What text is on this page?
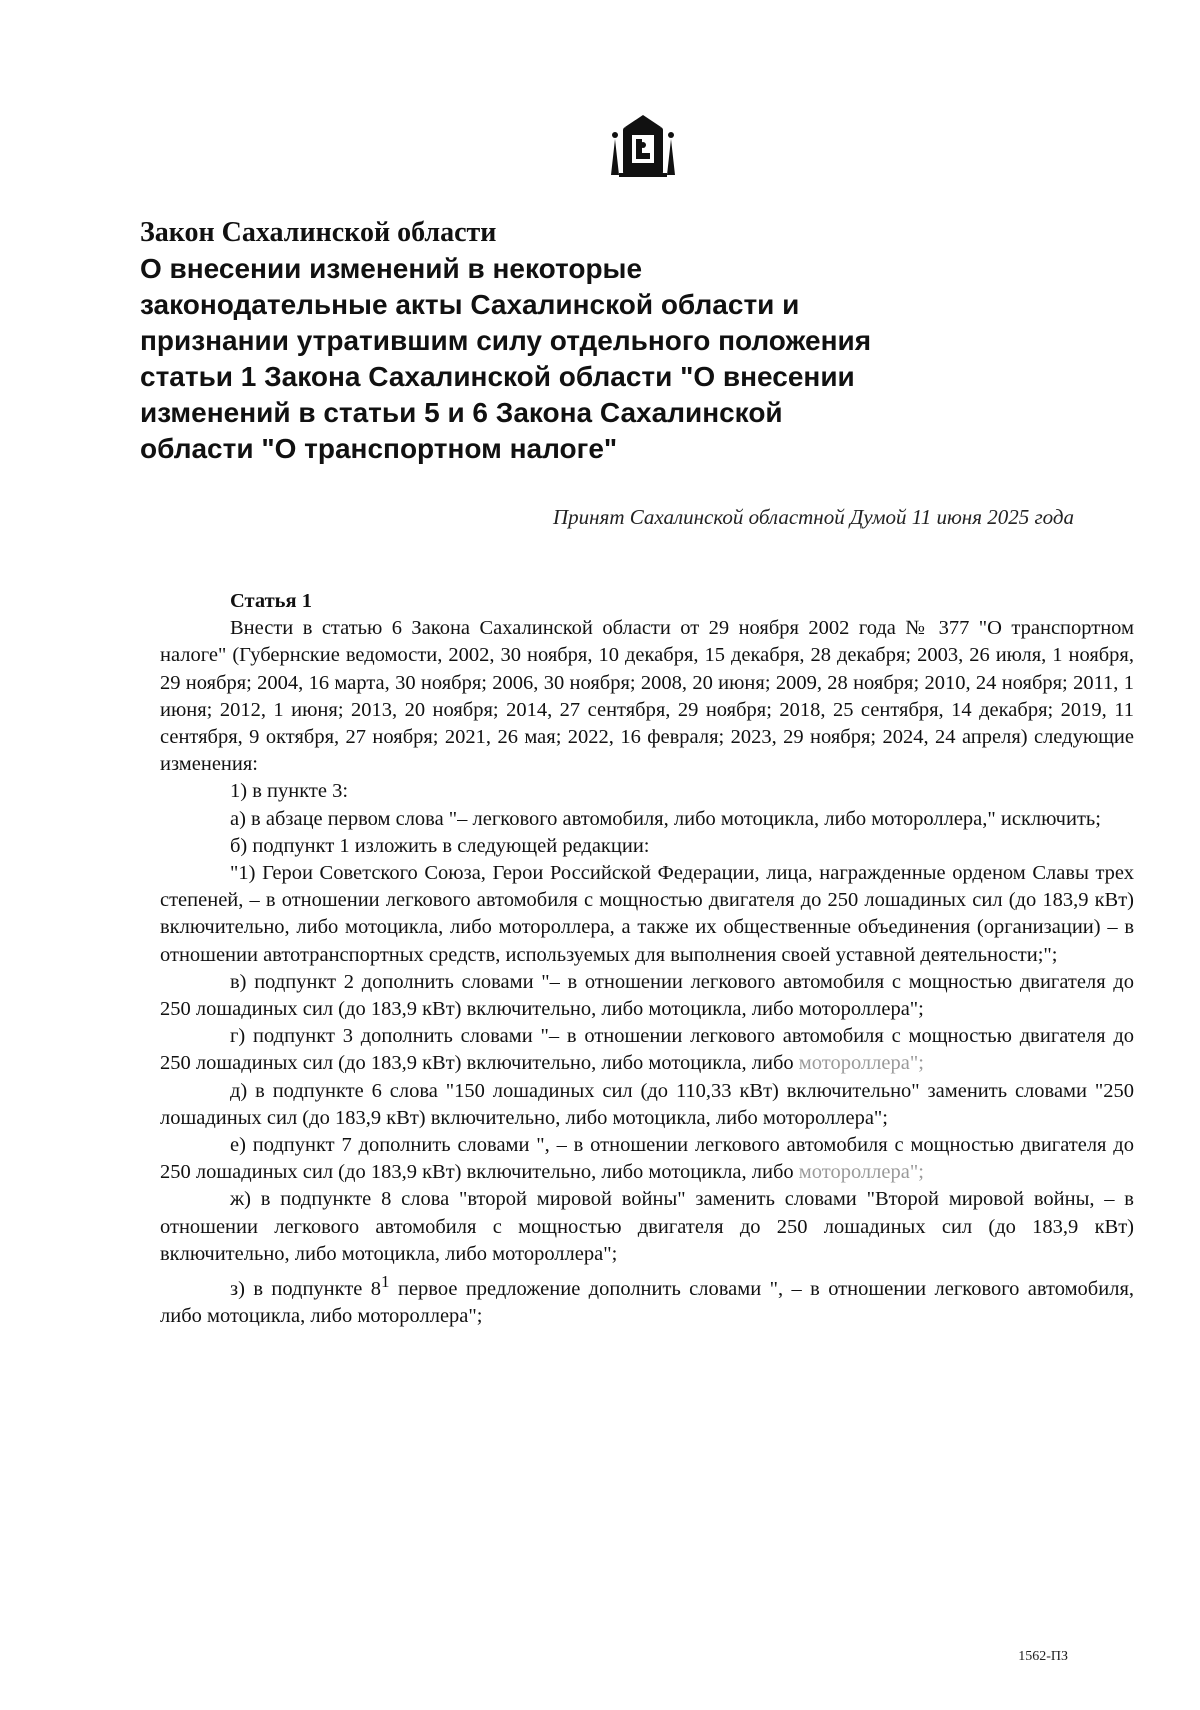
Закон Сахалинской области

О внесении изменений в некоторые

законодательные акты Сахалинской области и

признании утратившим силу отдельного положения

статьи 1 Закона Сахалинской области "О внесении

изменений в статьи 5 и 6 Закона Сахалинской

области "О транспортном налоге"

Принят Сахалинской областной Думой 11 июня 2025 года

Статья 1

Внести в статью 6 Закона Сахалинской области от 29 ноября 2002 года № 377 "О транспортном налоге" (Губернские ведомости, 2002, 30 ноября, 10 декабря, 15 декабря, 28 декабря; 2003, 26 июля, 1 ноября, 29 ноября; 2004, 16 марта, 30 ноября; 2006, 30 ноября; 2008, 20 июня; 2009, 28 ноября; 2010, 24 ноября; 2011, 1 июня; 2012, 1 июня; 2013, 20 ноября; 2014, 27 сентября, 29 ноября; 2018, 25 сентября, 14 декабря; 2019, 11 сентября, 9 октября, 27 ноября; 2021, 26 мая; 2022, 16 февраля; 2023, 29 ноября; 2024, 24 апреля) следующие изменения:

1) в пункте 3:

а) в абзаце первом слова "– легкового автомобиля, либо мотоцикла, либо мотороллера," исключить;

б) подпункт 1 изложить в следующей редакции:

"1) Герои Советского Союза, Герои Российской Федерации, лица, награжденные орденом Славы трех степеней, – в отношении легкового автомобиля с мощностью двигателя до 250 лошадиных сил (до 183,9 кВт) включительно, либо мотоцикла, либо мотороллера, а также их общественные объединения (организации) – в отношении автотранспортных средств, используемых для выполнения своей уставной деятельности;";

в) подпункт 2 дополнить словами "– в отношении легкового автомобиля с мощностью двигателя до 250 лошадиных сил (до 183,9 кВт) включительно, либо мотоцикла, либо мотороллера";

г) подпункт 3 дополнить словами "– в отношении легкового автомобиля с мощностью двигателя до 250 лошадиных сил (до 183,9 кВт) включительно, либо мотоцикла, либо мотороллера";

д) в подпункте 6 слова "150 лошадиных сил (до 110,33 кВт) включительно" заменить словами "250 лошадиных сил (до 183,9 кВт) включительно, либо мотоцикла, либо мотороллера";

е) подпункт 7 дополнить словами ", – в отношении легкового автомобиля с мощностью двигателя до 250 лошадиных сил (до 183,9 кВт) включительно, либо мотоцикла, либо мотороллера";

ж) в подпункте 8 слова "второй мировой войны" заменить словами "Второй мировой войны, – в отношении легкового автомобиля с мощностью двигателя до 250 лошадиных сил (до 183,9 кВт) включительно, либо мотоцикла, либо мотороллера";

з) в подпункте $8^1$ первое предложение дополнить словами ", – в отношении легкового автомобиля, либо мотоцикла, либо мотороллера";

1562-ПЗ
